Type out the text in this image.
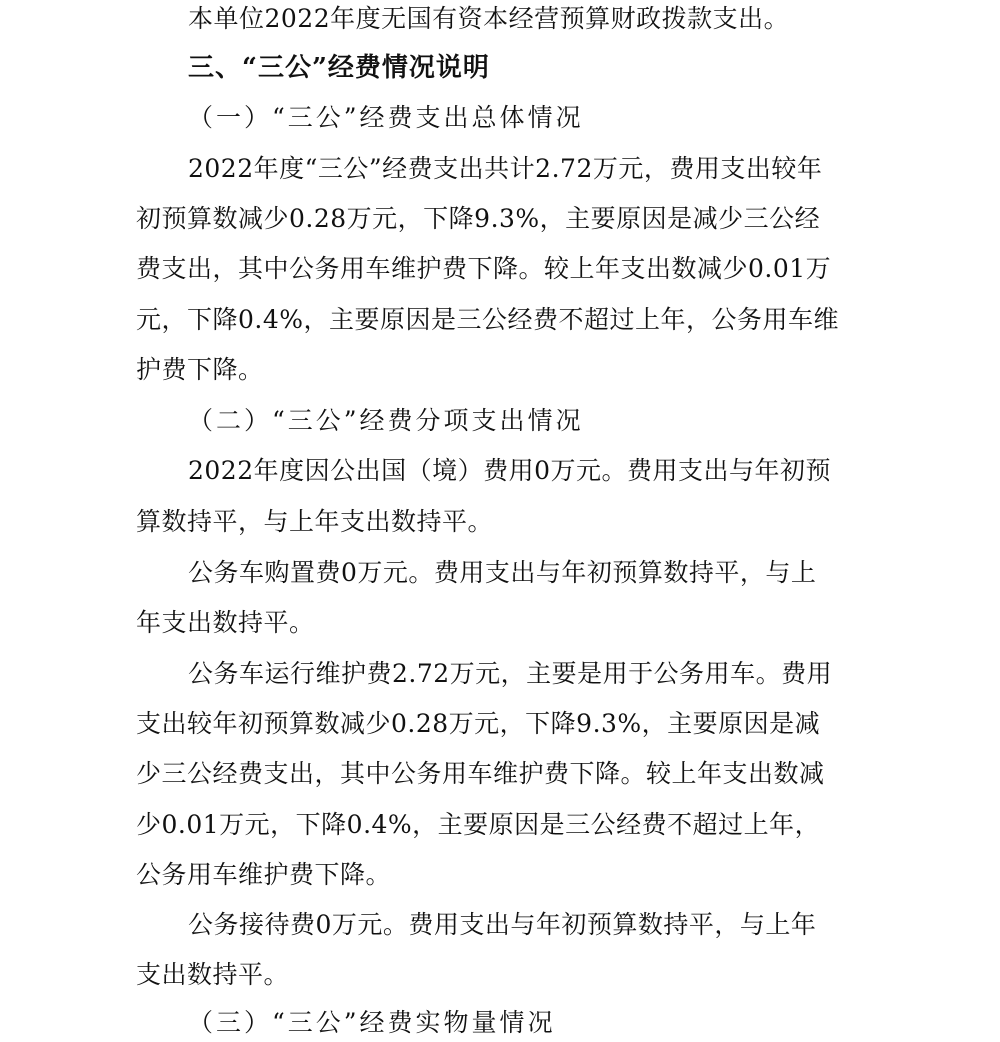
本单位2022年度无国有资本经营预算财政拨款支出。
三、“三公”经费情况说明
（一）“三公”经费支出总体情况
2022年度“三公”经费支出共计2.72万元，费用支出较年
初预算数减少0.28万元，下降9.3%，主要原因是减少三公经
费支出，其中公务用车维护费下降。较上年支出数减少0.01万
元，下降0.4%，主要原因是三公经费不超过上年，公务用车维
护费下降。
（二）“三公”经费分项支出情况
2022年度因公出国（境）费用0万元。费用支出与年初预
算数持平，与上年支出数持平。
公务车购置费0万元。费用支出与年初预算数持平，与上
年支出数持平。
公务车运行维护费2.72万元，主要是用于公务用车。费用
支出较年初预算数减少0.28万元，下降9.3%，主要原因是减
少三公经费支出，其中公务用车维护费下降。较上年支出数减
少0.01万元，下降0.4%，主要原因是三公经费不超过上年，
公务用车维护费下降。
公务接待费0万元。费用支出与年初预算数持平，与上年
支出数持平。
（三）“三公”经费实物量情况
